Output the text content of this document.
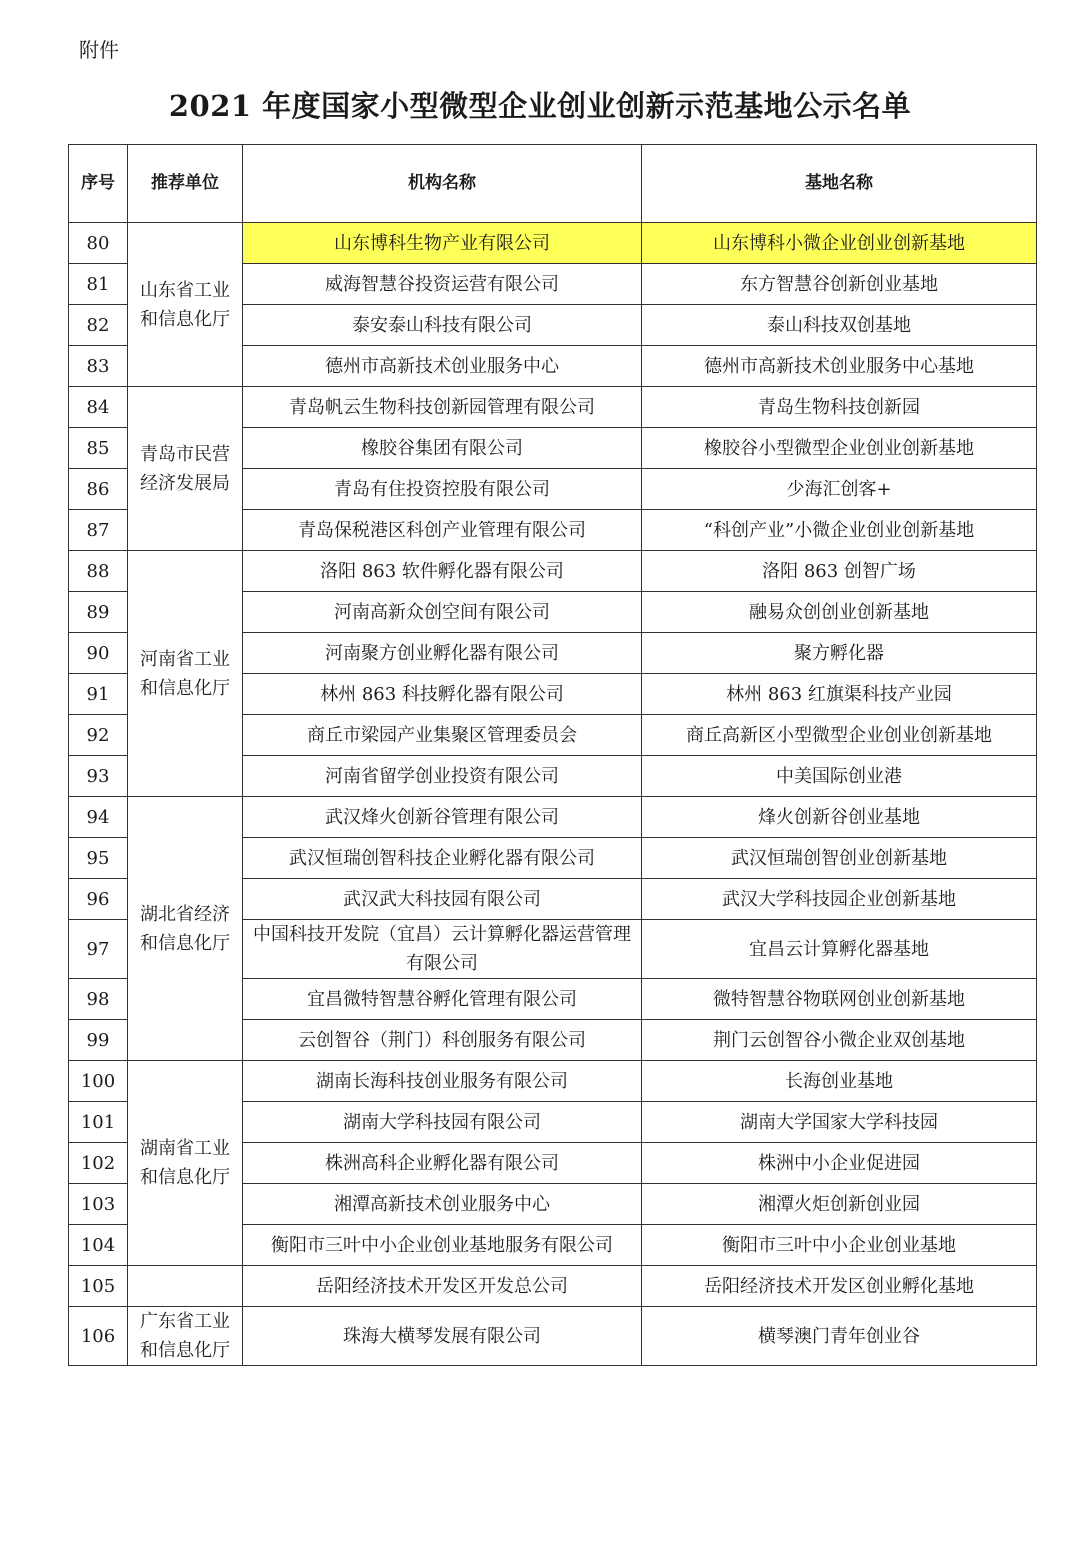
附件
2021 年度国家小型微型企业创业创新示范基地公示名单
序号	推荐单位	机构名称	基地名称
80	山东省工业和信息化厅	山东博科生物产业有限公司	山东博科小微企业创业创新基地
81		威海智慧谷投资运营有限公司	东方智慧谷创新创业基地
82		泰安泰山科技有限公司	泰山科技双创基地
83		德州市高新技术创业服务中心	德州市高新技术创业服务中心基地
84	青岛市民营经济发展局	青岛帆云生物科技创新园管理有限公司	青岛生物科技创新园
85		橡胶谷集团有限公司	橡胶谷小型微型企业创业创新基地
86		青岛有住投资控股有限公司	少海汇创客+
87		青岛保税港区科创产业管理有限公司	“科创产业”小微企业创业创新基地
88	河南省工业和信息化厅	洛阳 863 软件孵化器有限公司	洛阳 863 创智广场
89		河南高新众创空间有限公司	融易众创创业创新基地
90		河南聚方创业孵化器有限公司	聚方孵化器
91		林州 863 科技孵化器有限公司	林州 863 红旗渠科技产业园
92		商丘市梁园产业集聚区管理委员会	商丘高新区小型微型企业创业创新基地
93		河南省留学创业投资有限公司	中美国际创业港
94	湖北省经济和信息化厅	武汉烽火创新谷管理有限公司	烽火创新谷创业基地
95		武汉恒瑞创智科技企业孵化器有限公司	武汉恒瑞创智创业创新基地
96		武汉武大科技园有限公司	武汉大学科技园企业创新基地
97		中国科技开发院（宜昌）云计算孵化器运营管理有限公司	宜昌云计算孵化器基地
98		宜昌微特智慧谷孵化管理有限公司	微特智慧谷物联网创业创新基地
99		云创智谷（荆门）科创服务有限公司	荆门云创智谷小微企业双创基地
100	湖南省工业和信息化厅	湖南长海科技创业服务有限公司	长海创业基地
101		湖南大学科技园有限公司	湖南大学国家大学科技园
102		株洲高科企业孵化器有限公司	株洲中小企业促进园
103		湘潭高新技术创业服务中心	湘潭火炬创新创业园
104		衡阳市三叶中小企业创业基地服务有限公司	衡阳市三叶中小企业创业基地
105		岳阳经济技术开发区开发总公司	岳阳经济技术开发区创业孵化基地
106	广东省工业和信息化厅	珠海大横琴发展有限公司	横琴澳门青年创业谷
